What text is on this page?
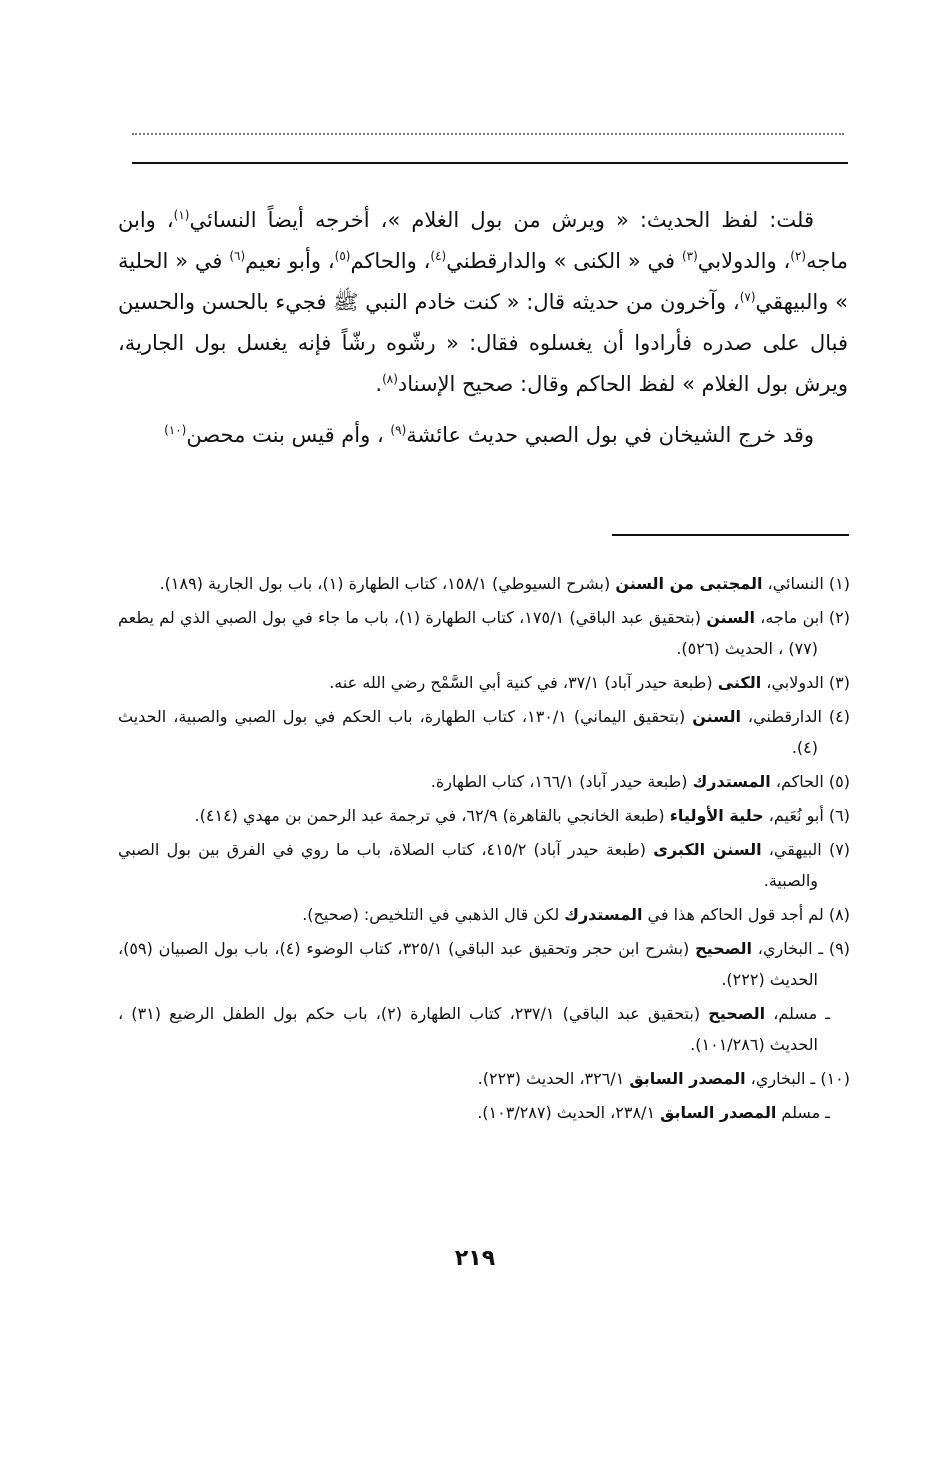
قلت: لفظ الحديث: « ويرش من بول الغلام »، أخرجه أيضاً النسائي$^{(١)}$، وابن ماجه$^{(٢)}$، والدولابي$^{(٣)}$ في « الكنى » والدارقطني$^{(٤)}$، والحاكم$^{(٥)}$، وأبو نعيم$^{(٦)}$ في « الحلية » والبيهقي$^{(٧)}$، وآخرون من حديثه قال: « كنت خادم النبي ﷺ فجيء بالحسن والحسين فبال على صدره فأرادوا أن يغسلوه فقال: « رشّوه رشّاً فإنه يغسل بول الجارية، ويرش بول الغلام » لفظ الحاكم وقال: صحيح الإسناد$^{(٨)}$.

وقد خرج الشيخان في بول الصبي حديث عائشة$^{(٩)}$ ، وأم قيس بنت محصن$^{(١٠)}$

(١) النسائي، المجتبى من السنن (بشرح السيوطي) ١٥٨/١، كتاب الطهارة (١)، باب بول الجارية (١٨٩).

(٢) ابن ماجه، السنن (بتحقيق عبد الباقي) ١٧٥/١، كتاب الطهارة (١)، باب ما جاء في بول الصبي الذي لم يطعم (٧٧) ، الحديث (٥٢٦).

(٣) الدولابي، الكنى (طبعة حيدر آباد) ٣٧/١، في كنية أبي السَّمْح رضي الله عنه.

(٤) الدارقطني، السنن (بتحقيق اليماني) ١٣٠/١، كتاب الطهارة، باب الحكم في بول الصبي والصبية، الحديث (٤).

(٥) الحاكم، المستدرك (طبعة حيدر آباد) ١٦٦/١، كتاب الطهارة.

(٦) أبو نُعَيم، حلية الأولياء (طبعة الخانجي بالقاهرة) ٦٢/٩، في ترجمة عبد الرحمن بن مهدي (٤١٤).

(٧) البيهقي، السنن الكبرى (طبعة حيدر آباد) ٤١٥/٢، كتاب الصلاة، باب ما روي في الفرق بين بول الصبي والصبية.

(٨) لم أجد قول الحاكم هذا في المستدرك لكن قال الذهبي في التلخيص: (صحيح).

(٩) ـ البخاري، الصحيح (بشرح ابن حجر وتحقيق عبد الباقي) ٣٢٥/١، كتاب الوضوء (٤)، باب بول الصبيان (٥٩)، الحديث (٢٢٢).

ـ مسلم، الصحيح (بتحقيق عبد الباقي) ٢٣٧/١، كتاب الطهارة (٢)، باب حكم بول الطفل الرضيع (٣١) ، الحديث (١٠١/٢٨٦).

(١٠) ـ البخاري، المصدر السابق ٣٢٦/١، الحديث (٢٢٣).

ـ مسلم المصدر السابق ٢٣٨/١، الحديث (١٠٣/٢٨٧).

٢١٩
